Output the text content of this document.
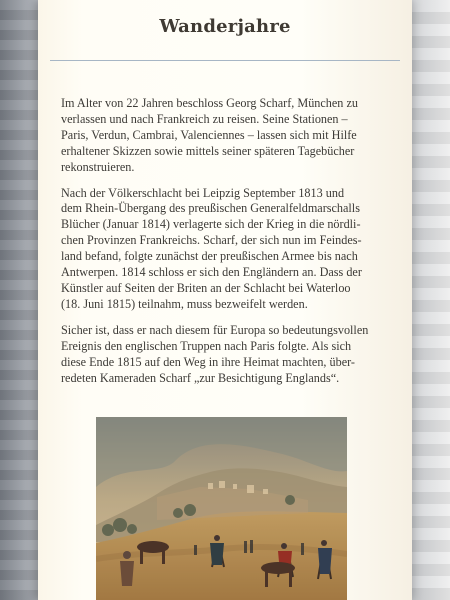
Wanderjahre

Im Alter von 22 Jahren beschloss Georg Scharf, München zu
verlassen und nach Frankreich zu reisen. Seine Stationen –
Paris, Verdun, Cambrai, Valenciennes – lassen sich mit Hilfe
erhaltener Skizzen sowie mittels seiner späteren Tagebücher
rekonstruieren.

Nach der Völkerschlacht bei Leipzig September 1813 und
dem Rhein-Übergang des preußischen Generalfeldmarschalls
Blücher (Januar 1814) verlagerte sich der Krieg in die nördli-
chen Provinzen Frankreichs. Scharf, der sich nun im Feindes-
land befand, folgte zunächst der preußischen Armee bis nach
Antwerpen. 1814 schloss er sich den Engländern an. Dass der
Künstler auf Seiten der Briten an der Schlacht bei Waterloo
(18. Juni 1815) teilnahm, muss bezweifelt werden.

Sicher ist, dass er nach diesem für Europa so bedeutungsvollen
Ereignis den englischen Truppen nach Paris folgte. Als sich
diese Ende 1815 auf den Weg in ihre Heimat machten, über-
redeten Kameraden Scharf „zur Besichtigung Englands“.
